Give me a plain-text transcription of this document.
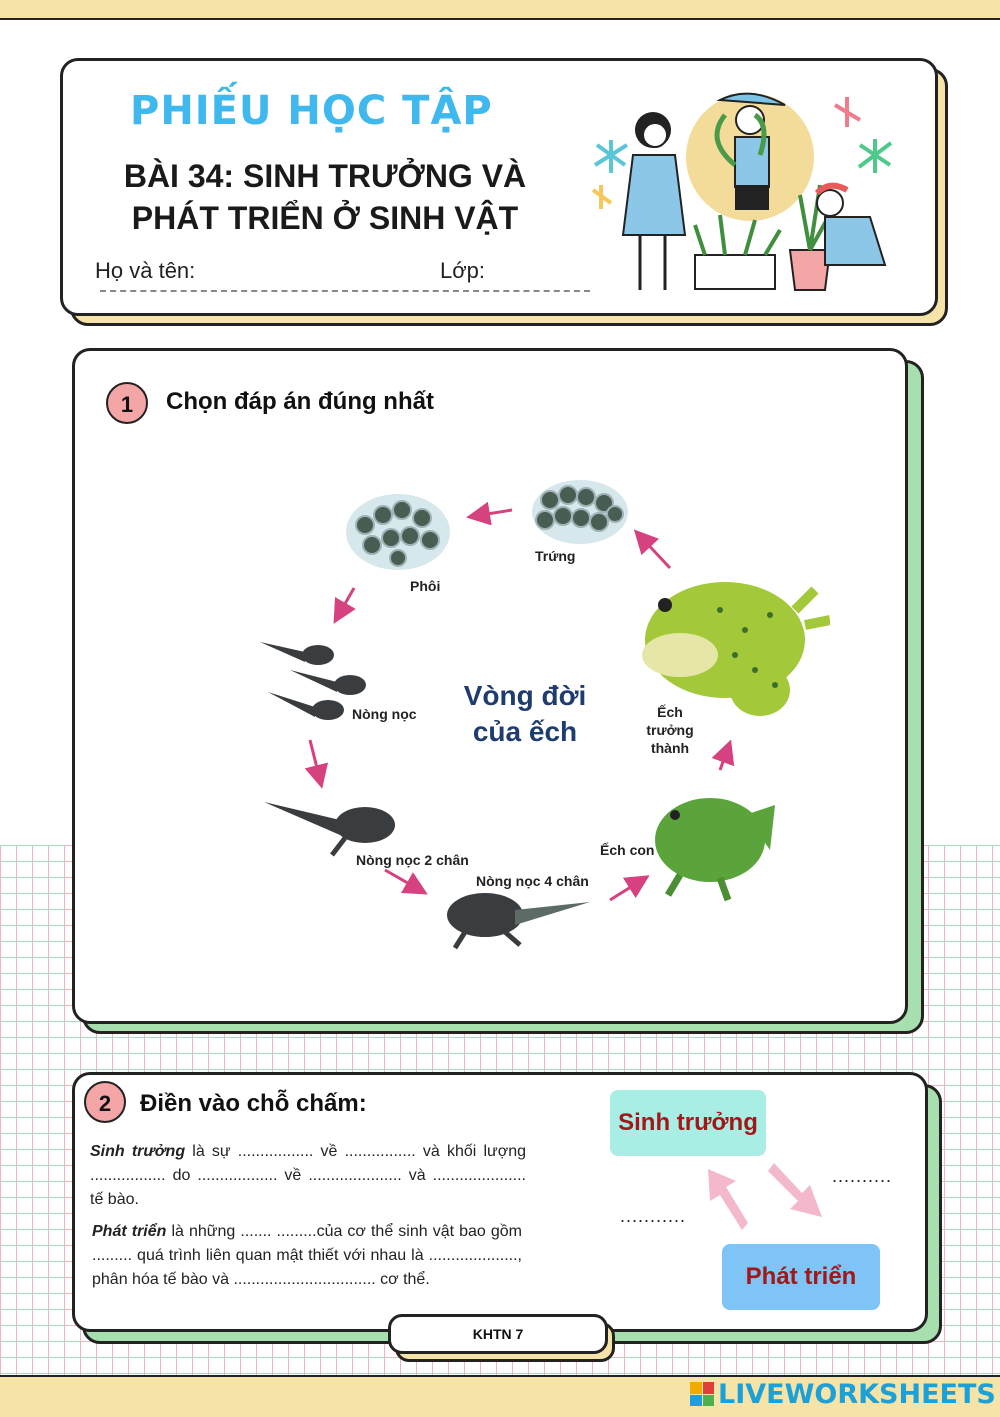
PHIẾU HỌC TẬP
BÀI 34: SINH TRƯỞNG VÀ PHÁT TRIỂN Ở SINH VẬT
Họ và tên:	Lớp:
1	Chọn đáp án đúng nhất
Trứng
Phôi
Nòng nọc
Nòng nọc 2 chân
Nòng nọc 4 chân
Ếch con
Ếch trưởng thành
Vòng đời của ếch
2	Điền vào chỗ chấm:
Sinh trưởng là sự ................. về ................ và khối lượng ................. do .................. về ..................... và ..................... tế bào.
Phát triển là những ....... .........của cơ thể sinh vật bao gồm ......... quá trình liên quan mật thiết với nhau là ...................., phân hóa tế bào và ................................ cơ thể.
Sinh trưởng
Phát triển
...........
..........
KHTN 7
LIVEWORKSHEETS
